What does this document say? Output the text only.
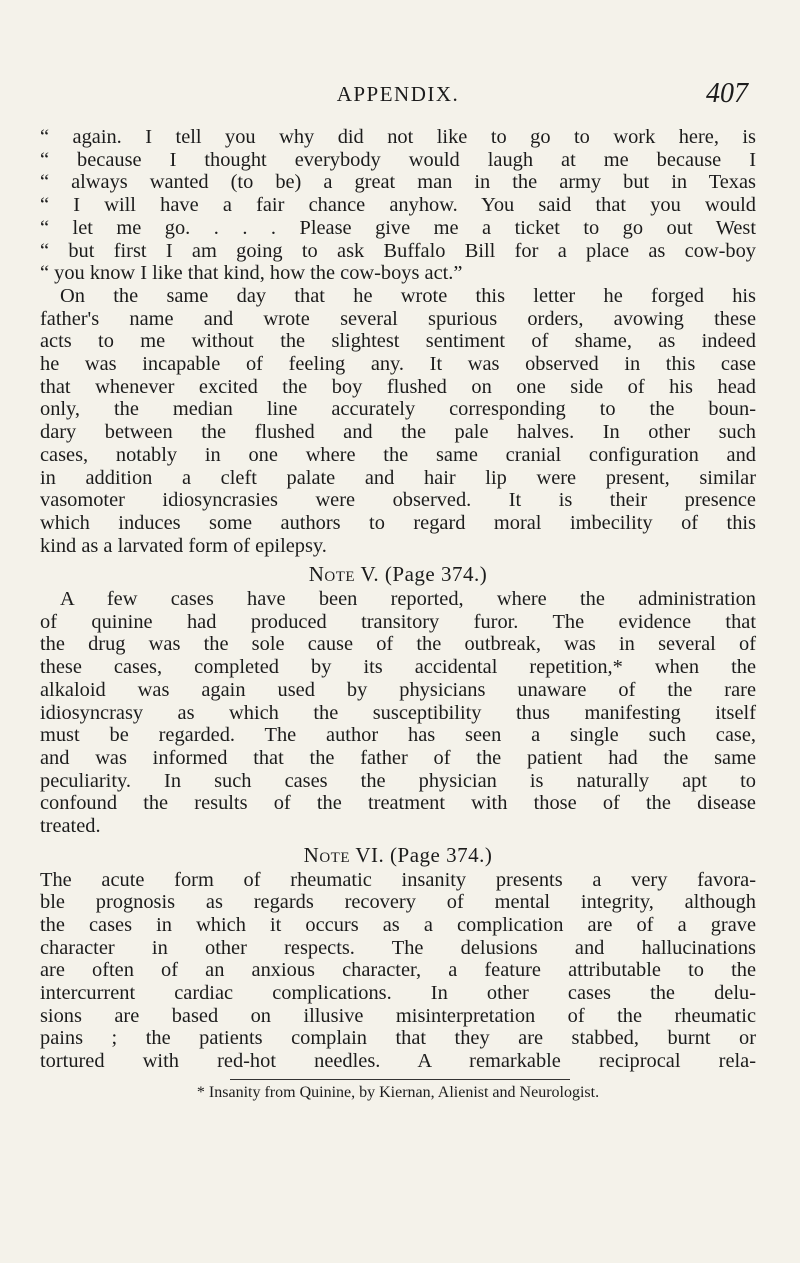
APPENDIX.	407
“ again. I tell you why did not like to go to work here, is
“ because I thought everybody would laugh at me because I
“ always wanted (to be) a great man in the army but in Texas
“ I will have a fair chance anyhow. You said that you would
“ let me go. . . . Please give me a ticket to go out West
“ but first I am going to ask Buffalo Bill for a place as cow-boy
“ you know I like that kind, how the cow-boys act.”
On the same day that he wrote this letter he forged his
father's name and wrote several spurious orders, avowing these
acts to me without the slightest sentiment of shame, as indeed
he was incapable of feeling any. It was observed in this case
that whenever excited the boy flushed on one side of his head
only, the median line accurately corresponding to the boun-
dary between the flushed and the pale halves. In other such
cases, notably in one where the same cranial configuration and
in addition a cleft palate and hair lip were present, similar
vasomoter idiosyncrasies were observed. It is their presence
which induces some authors to regard moral imbecility of this
kind as a larvated form of epilepsy.
Note V. (Page 374.)
A few cases have been reported, where the administration
of quinine had produced transitory furor. The evidence that
the drug was the sole cause of the outbreak, was in several of
these cases, completed by its accidental repetition,* when the
alkaloid was again used by physicians unaware of the rare
idiosyncrasy as which the susceptibility thus manifesting itself
must be regarded. The author has seen a single such case,
and was informed that the father of the patient had the same
peculiarity. In such cases the physician is naturally apt to
confound the results of the treatment with those of the disease
treated.
Note VI. (Page 374.)
The acute form of rheumatic insanity presents a very favora-
ble prognosis as regards recovery of mental integrity, although
the cases in which it occurs as a complication are of a grave
character in other respects. The delusions and hallucinations
are often of an anxious character, a feature attributable to the
intercurrent cardiac complications. In other cases the delu-
sions are based on illusive misinterpretation of the rheumatic
pains ; the patients complain that they are stabbed, burnt or
tortured with red-hot needles. A remarkable reciprocal rela-
* Insanity from Quinine, by Kiernan, Alienist and Neurologist.
